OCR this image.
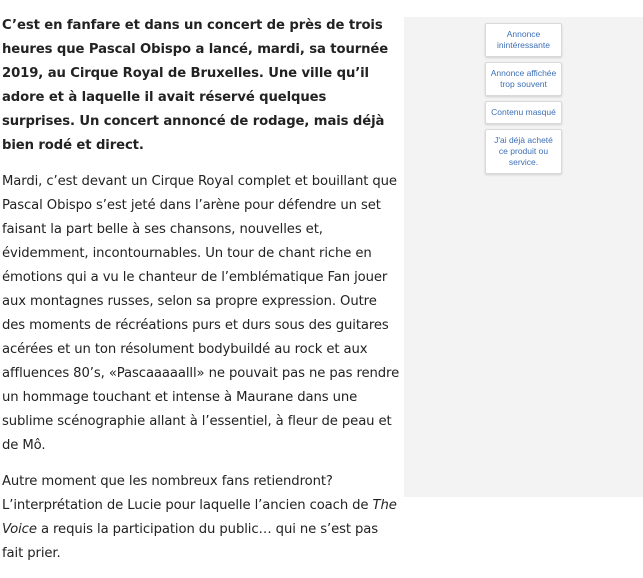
C’est en fanfare et dans un concert de près de trois heures que Pascal Obispo a lancé, mardi, sa tournée 2019, au Cirque Royal de Bruxelles. Une ville qu’il adore et à laquelle il avait réservé quelques surprises. Un concert annoncé de rodage, mais déjà bien rodé et direct.

Mardi, c’est devant un Cirque Royal complet et bouillant que Pascal Obispo s’est jeté dans l’arène pour défendre un set faisant la part belle à ses chansons, nouvelles et, évidemment, incontournables. Un tour de chant riche en émotions qui a vu le chanteur de l’emblématique Fan jouer aux montagnes russes, selon sa propre expression. Outre des moments de récréations purs et durs sous des guitares acérées et un ton résolument bodybuildé au rock et aux affluences 80’s, «Pascaaaaalll» ne pouvait pas ne pas rendre un hommage touchant et intense à Maurane dans une sublime scénographie allant à l’essentiel, à fleur de peau et de Mô.

Autre moment que les nombreux fans retiendront? L’interprétation de Lucie pour laquelle l’ancien coach de The Voice a requis la participation du public… qui ne s’est pas fait prier.

Annonce inintéressante
Annonce affichée trop souvent
Contenu masqué
J'ai déjà acheté ce produit ou service.
